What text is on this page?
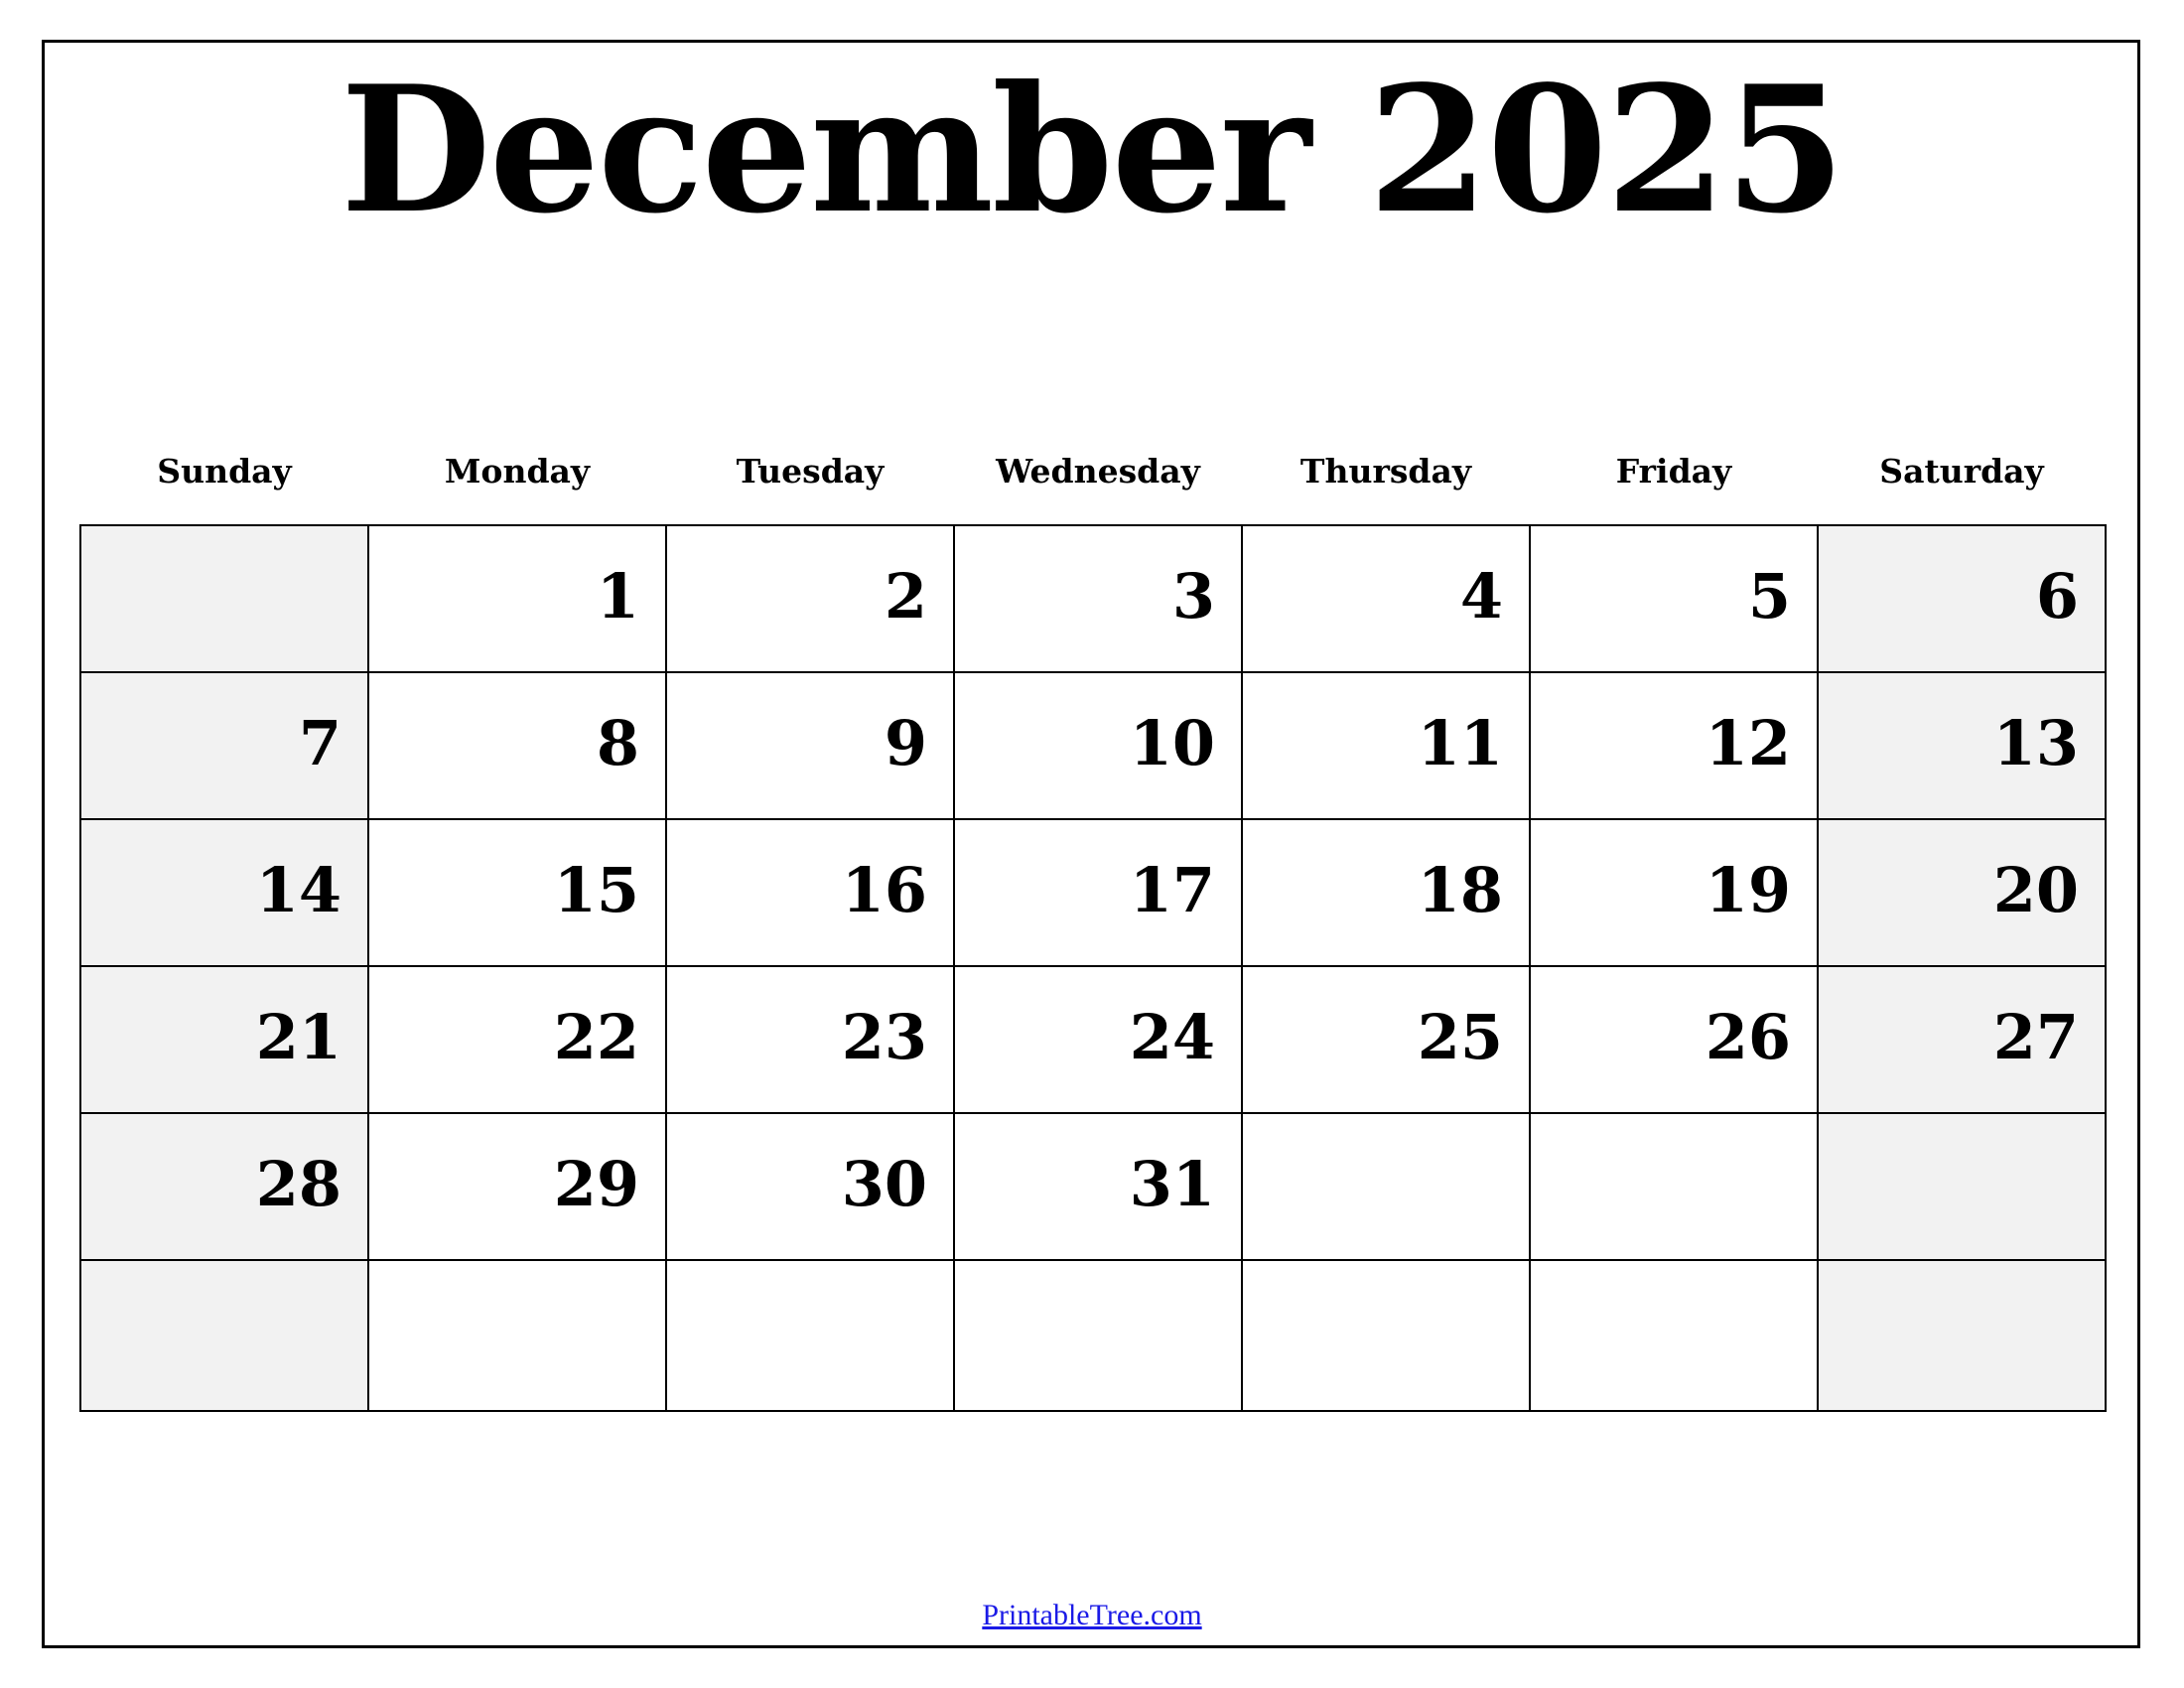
December 2025
Sunday	Monday	Tuesday	Wednesday	Thursday	Friday	Saturday
	1	2	3	4	5	6
7	8	9	10	11	12	13
14	15	16	17	18	19	20
21	22	23	24	25	26	27
28	29	30	31			

PrintableTree.com
